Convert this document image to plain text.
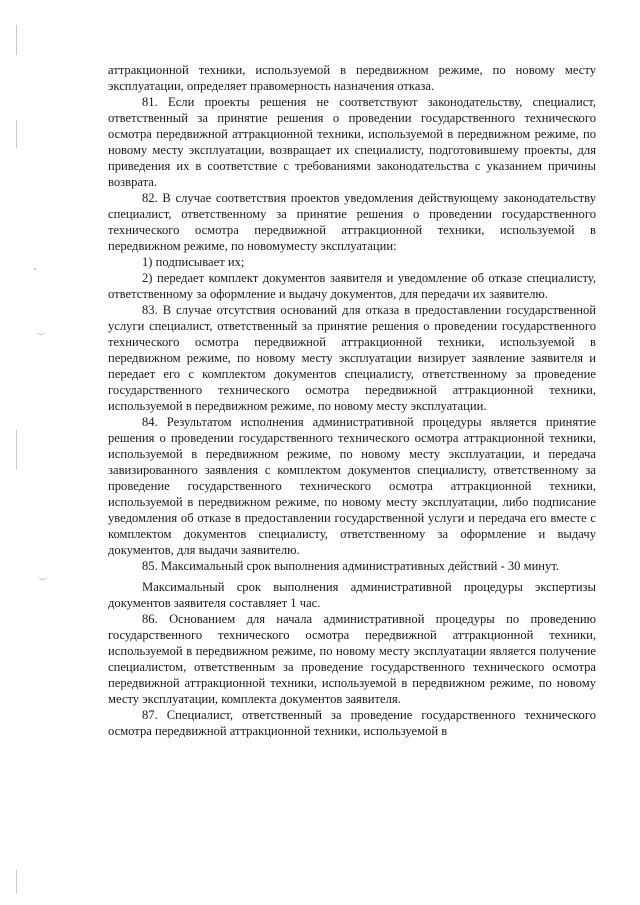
аттракционной техники, используемой в передвижном режиме, по новому месту эксплуатации, определяет правомерность назначения отказа.

81. Если проекты решения не соответствуют законодательству, специалист, ответственный за принятие решения о проведении государственного технического осмотра передвижной аттракционной техники, используемой в передвижном режиме, по новому месту эксплуатации, возвращает их специалисту, подготовившему проекты, для приведения их в соответствие с требованиями законодательства с указанием причины возврата.

82. В случае соответствия проектов уведомления действующему законодательству специалист, ответственному за принятие решения о проведении государственного технического осмотра передвижной аттракционной техники, используемой в передвижном режиме, по новомуместу эксплуатации:

1) подписывает их;

2) передает комплект документов заявителя и уведомление об отказе специалисту, ответственному за оформление и выдачу документов, для передачи их заявителю.

83. В случае отсутствия оснований для отказа в предоставлении государственной услуги специалист, ответственный за принятие решения о проведении государственного технического осмотра передвижной аттракционной техники, используемой в передвижном режиме, по новому месту эксплуатации визирует заявление заявителя и передает его с комплектом документов специалисту, ответственному за проведение государственного технического осмотра передвижной аттракционной техники, используемой в передвижном режиме, по новому месту эксплуатации.

84. Результатом исполнения административной процедуры является принятие решения о проведении государственного технического осмотра аттракционной техники, используемой в передвижном режиме, по новому месту эксплуатации, и передача завизированного заявления с комплектом документов специалисту, ответственному за проведение государственного технического осмотра аттракционной техники, используемой в передвижном режиме, по новому месту эксплуатации, либо подписание уведомления об отказе в предоставлении государственной услуги и передача его вместе с комплектом документов специалисту, ответственному за оформление и выдачу документов, для выдачи заявителю.

85. Максимальный срок выполнения административных действий - 30 минут.

Максимальный срок выполнения административной процедуры экспертизы документов заявителя составляет 1 час.

86. Основанием для начала административной процедуры по проведению государственного технического осмотра передвижной аттракционной техники, используемой в передвижном режиме, по новому месту эксплуатации является получение специалистом, ответственным за проведение государственного технического осмотра передвижной аттракционной техники, используемой в передвижном режиме, по новому месту эксплуатации, комплекта документов заявителя.

87. Специалист, ответственный за проведение государственного технического осмотра передвижной аттракционной техники, используемой в
